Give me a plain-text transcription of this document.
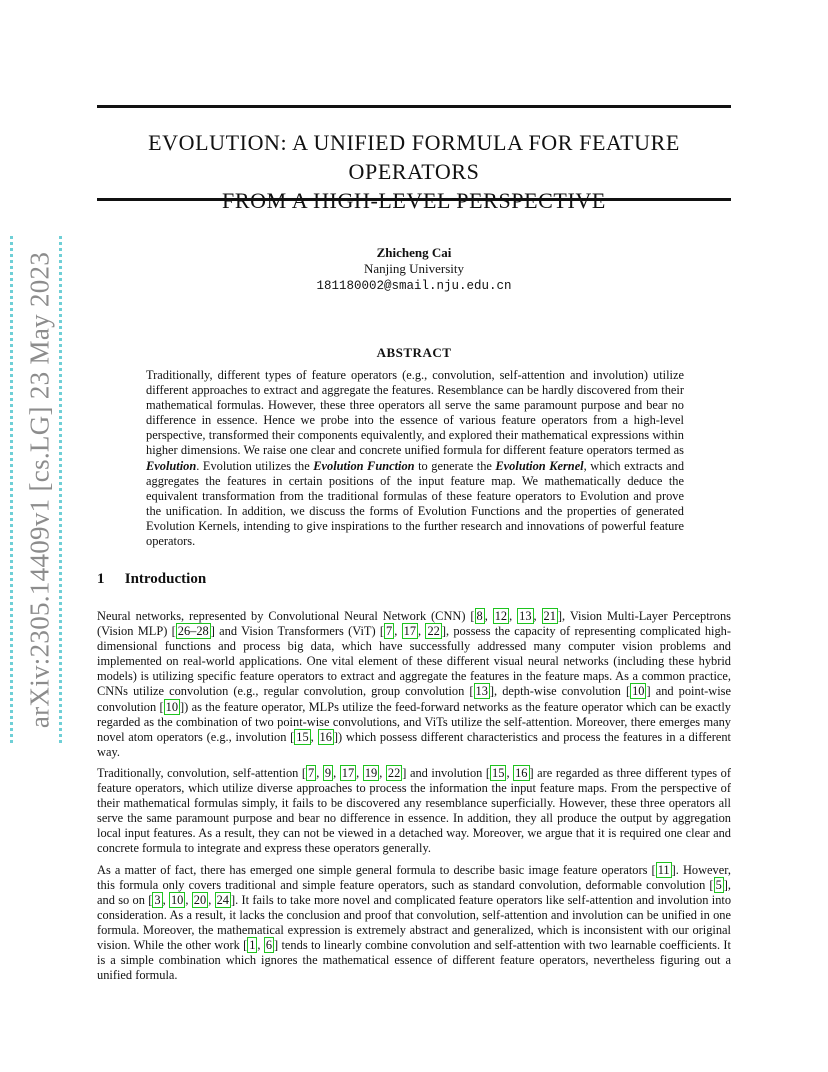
EVOLUTION: A UNIFIED FORMULA FOR FEATURE OPERATORS
arXiv:2305.14409v1 [cs.LG] 23 May 2023	Zhicheng Cai
Nanjing University
181180002@smail.nju.edu.cn
ABSTRACT

Traditionally, different types of feature operators (e.g., convolution, self-attention and involution) utilize different approaches to extract and aggregate the features. Resemblance can be hardly discovered from their mathematical formulas. However, these three operators all serve the same paramount purpose and bear no difference in essence. Hence we probe into the essence of various feature operators from a high-level perspective, transformed their components equivalently, and explored their mathematical expressions within higher dimensions. We raise one clear and concrete unified formula for different feature operators termed as Evolution. Evolution utilizes the Evolution Function to generate the Evolution Kernel, which extracts and aggregates the features in certain positions of the input feature map. We mathematically deduce the equivalent transformation from the traditional formulas of these feature operators to Evolution and prove the unification. In addition, we discuss the forms of Evolution Functions and the properties of generated Evolution Kernels, intending to give inspirations to the further research and innovations of powerful feature operators.

1 Introduction

Neural networks, represented by Convolutional Neural Network (CNN) [ 8 , 12 , 13 , 21 ], Vision Multi-Layer Perceptrons (Vision MLP) [ 26–28 ] and Vision Transformers (ViT) [ 7 , 17 , 22 ], possess the capacity of representing complicated high-dimensional functions and process big data, which have successfully addressed many computer vision problems and implemented on real-world applications. One vital element of these different visual neural networks (including these hybrid models) is utilizing specific feature operators to extract and aggregate the features in the feature maps. As a common practice, CNNs utilize convolution (e.g., regular convolution, group convolution [ 13 ], depth-wise convolution [ 10 ] and point-wise convolution [ 10 ]) as the feature operator, MLPs utilize the feed-forward networks as the feature operator which can be exactly regarded as the combination of two point-wise convolutions, and ViTs utilize the self-attention. Moreover, there emerges many novel atom operators (e.g., involution [ 15 , 16 ]) which possess different characteristics and process the features in a different way.

Traditionally, convolution, self-attention [ 7 , 9 , 17 , 19 , 22 ] and involution [ 15 , 16 ] are regarded as three different types of feature operators, which utilize diverse approaches to process the information the input feature maps. From the perspective of their mathematical formulas simply, it fails to be discovered any resemblance superficially. However, these three operators all serve the same paramount purpose and bear no difference in essence. In addition, they all produce the output by aggregation local input features. As a result, they can not be viewed in a detached way. Moreover, we argue that it is required one clear and concrete formula to integrate and express these operators generally.

As a matter of fact, there has emerged one simple general formula to describe basic image feature operators [ 11 ]. However, this formula only covers traditional and simple feature operators, such as standard convolution, deformable convolution [ 5 ], and so on [ 3 , 10 , 20 , 24 ]. It fails to take more novel and complicated feature operators like self-attention and involution into consideration. As a result, it lacks the conclusion and proof that convolution, self-attention and involution can be unified in one formula. Moreover, the mathematical expression is extremely abstract and generalized, which is inconsistent with our original vision. While the other work [ 1 , 6 ] tends to linearly combine convolution and self-attention with two learnable coefficients. It is a simple combination which ignores the mathematical essence of different feature operators, nevertheless figuring out a unified formula.
